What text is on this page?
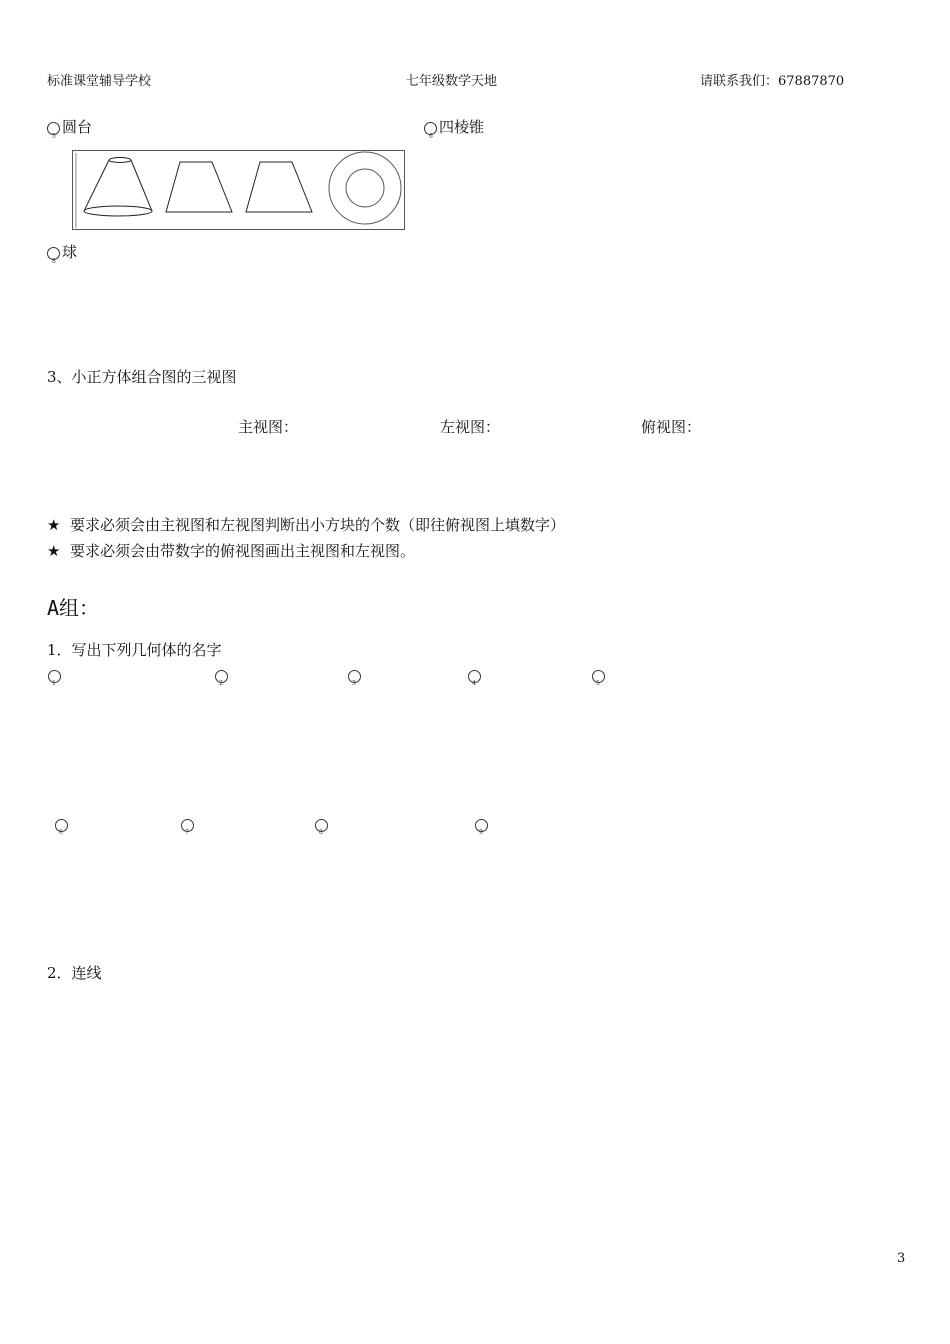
标准课堂辅导学校	七年级数学天地	请联系我们：67887870
5 圆台	6 四棱锥
8 球
3、小正方体组合图的三视图
主视图：	左视图：	俯视图：
★ 要求必须会由主视图和左视图判断出小方块的个数（即往俯视图上填数字）
★ 要求必须会由带数字的俯视图画出主视图和左视图。
A组：
1．写出下列几何体的名字
1	2	3	4	5
6	7	8	9
2．连线
3
